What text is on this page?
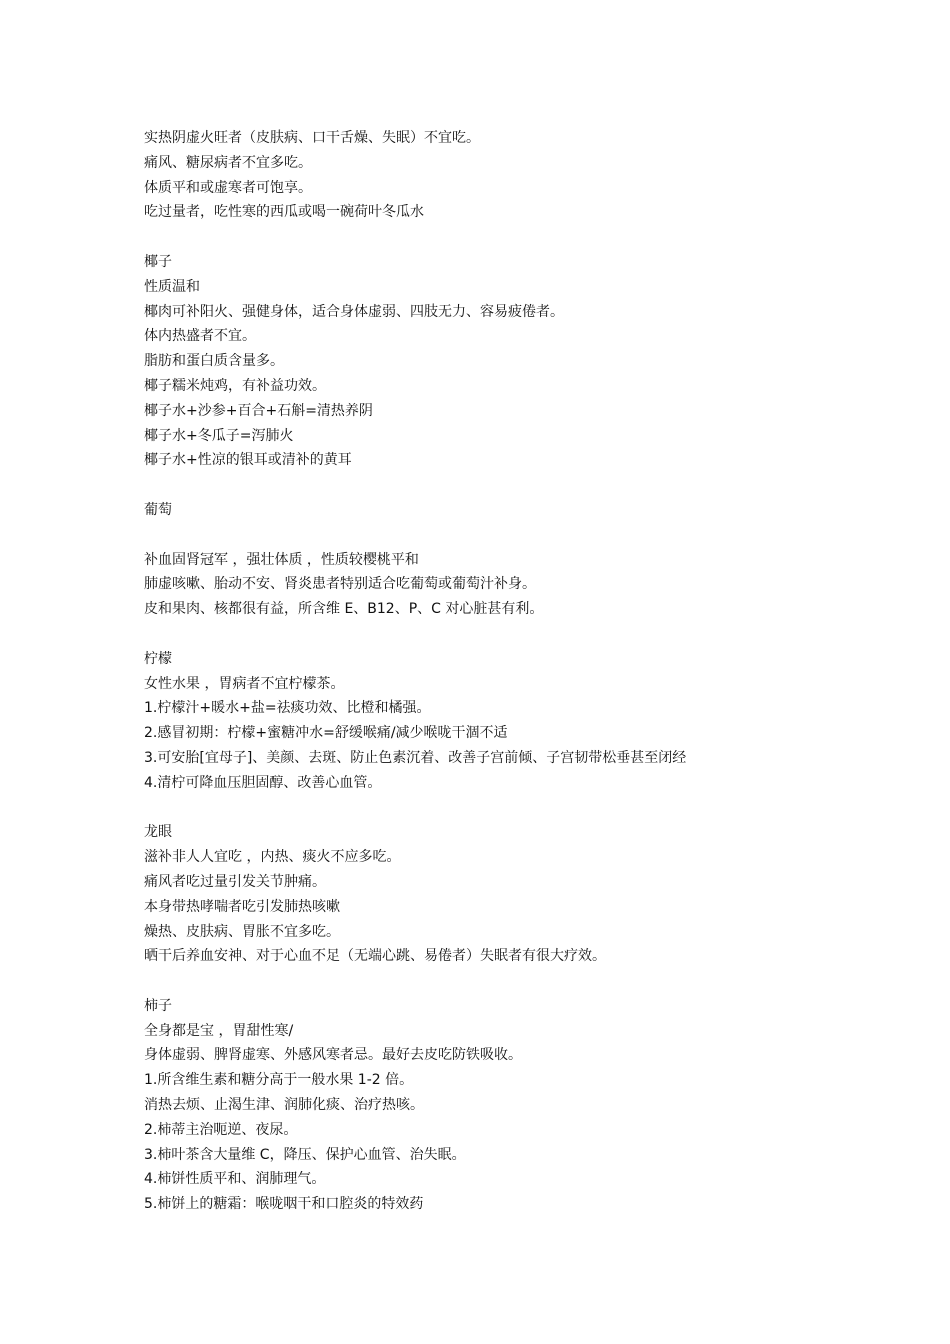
实热阴虚火旺者（皮肤病、口干舌燥、失眠）不宜吃。
痛风、糖尿病者不宜多吃。
体质平和或虚寒者可饱享。
吃过量者，吃性寒的西瓜或喝一碗荷叶冬瓜水
椰子
性质温和
椰肉可补阳火、强健身体，适合身体虚弱、四肢无力、容易疲倦者。
体内热盛者不宜。
脂肪和蛋白质含量多。
椰子糯米炖鸡，有补益功效。
椰子水+沙参+百合+石斛=清热养阴
椰子水+冬瓜子=泻肺火
椰子水+性凉的银耳或清补的黄耳
葡萄
补血固肾冠军 ，强壮体质 ，性质较樱桃平和
肺虚咳嗽、胎动不安、肾炎患者特别适合吃葡萄或葡萄汁补身。
皮和果肉、核都很有益，所含维 E、B12、P、C 对心脏甚有利。
柠檬
女性水果 ，胃病者不宜柠檬茶。
1.柠檬汁+暖水+盐=祛痰功效、比橙和橘强。
2.感冒初期：柠檬+蜜糖冲水=舒缓喉痛/减少喉咙干涸不适
3.可安胎[宜母子]、美颜、去斑、防止色素沉着、改善子宫前倾、子宫韧带松垂甚至闭经
4.清柠可降血压胆固醇、改善心血管。
龙眼
滋补非人人宜吃 ，内热、痰火不应多吃。
痛风者吃过量引发关节肿痛。
本身带热哮喘者吃引发肺热咳嗽
燥热、皮肤病、胃胀不宜多吃。
晒干后养血安神、对于心血不足（无端心跳、易倦者）失眠者有很大疗效。
柿子
全身都是宝 ，胃甜性寒/
身体虚弱、脾肾虚寒、外感风寒者忌。最好去皮吃防铁吸收。
1.所含维生素和糖分高于一般水果 1-2 倍。
消热去烦、止渴生津、润肺化痰、治疗热咳。
2.柿蒂主治呃逆、夜尿。
3.柿叶茶含大量维 C，降压、保护心血管、治失眠。
4.柿饼性质平和、润肺理气。
5.柿饼上的糖霜：喉咙咽干和口腔炎的特效药
